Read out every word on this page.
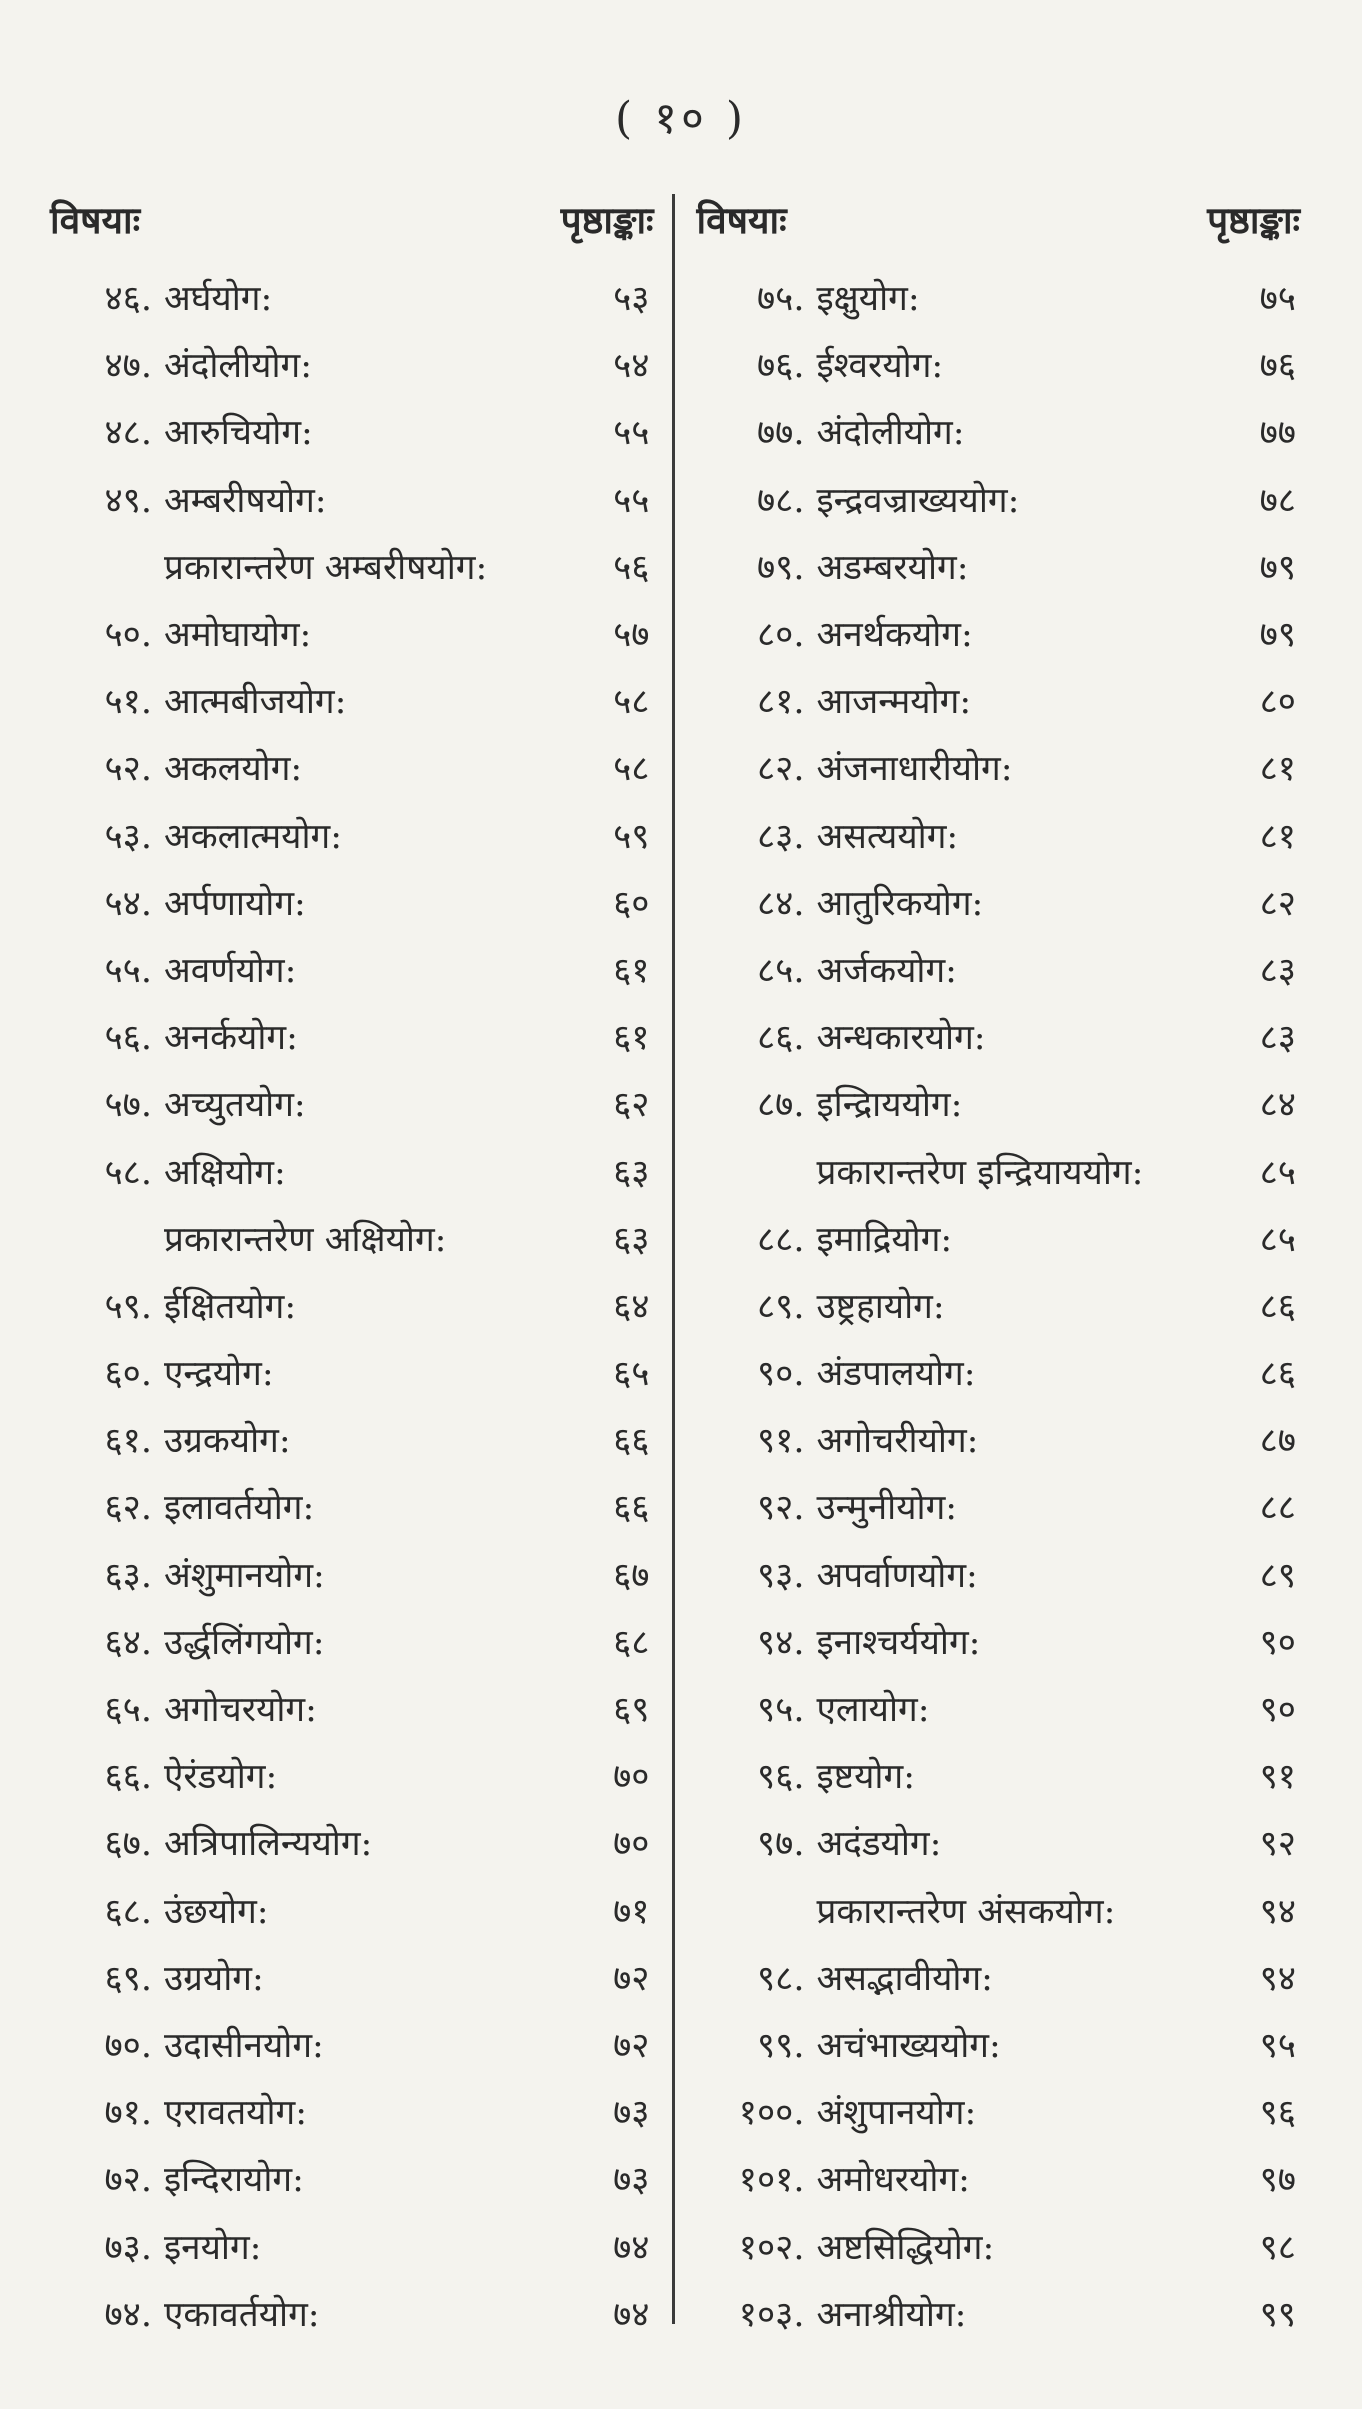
( १० )
विषयाः	पृष्ठाङ्काः
४६. अर्घयोग:	५३
४७. अंदोलीयोग:	५४
४८. आरुचियोग:	५५
४९. अम्बरीषयोग:	५५
प्रकारान्तरेण अम्बरीषयोग:	५६
५०. अमोघायोग:	५७
५१. आत्मबीजयोग:	५८
५२. अकलयोग:	५८
५३. अकलात्मयोग:	५९
५४. अर्पणायोग:	६०
५५. अवर्णयोग:	६१
५६. अनर्कयोग:	६१
५७. अच्युतयोग:	६२
५८. अक्षियोग:	६३
प्रकारान्तरेण अक्षियोग:	६३
५९. ईक्षितयोग:	६४
६०. एन्द्रयोग:	६५
६१. उग्रकयोग:	६६
६२. इलावर्तयोग:	६६
६३. अंशुमानयोग:	६७
६४. उर्द्धलिंगयोग:	६८
६५. अगोचरयोग:	६९
६६. ऐरंडयोग:	७०
६७. अत्रिपालिन्ययोग:	७०
६८. उंछयोग:	७१
६९. उग्रयोग:	७२
७०. उदासीनयोग:	७२
७१. एरावतयोग:	७३
७२. इन्दिरायोग:	७३
७३. इनयोग:	७४
७४. एकावर्तयोग:	७४
विषयाः	पृष्ठाङ्काः
७५. इक्षुयोग:	७५
७६. ईश्वरयोग:	७६
७७. अंदोलीयोग:	७७
७८. इन्द्रवज्राख्ययोग:	७८
७९. अडम्बरयोग:	७९
८०. अनर्थकयोग:	७९
८१. आजन्मयोग:	८०
८२. अंजनाधारीयोग:	८१
८३. असत्ययोग:	८१
८४. आतुरिकयोग:	८२
८५. अर्जकयोग:	८३
८६. अन्धकारयोग:	८३
८७. इन्द्रिाययोग:	८४
प्रकारान्तरेण इन्द्रियाययोग:	८५
८८. इमाद्रियोग:	८५
८९. उष्ट्रहायोग:	८६
९०. अंडपालयोग:	८६
९१. अगोचरीयोग:	८७
९२. उन्मुनीयोग:	८८
९३. अपर्वाणयोग:	८९
९४. इनाश्चर्ययोग:	९०
९५. एलायोग:	९०
९६. इष्टयोग:	९१
९७. अदंडयोग:	९२
प्रकारान्तरेण अंसकयोग:	९४
९८. असद्भावीयोग:	९४
९९. अचंभाख्ययोग:	९५
१००. अंशुपानयोग:	९६
१०१. अमोधरयोग:	९७
१०२. अष्टसिद्धियोग:	९८
१०३. अनाश्रीयोग:	९९
